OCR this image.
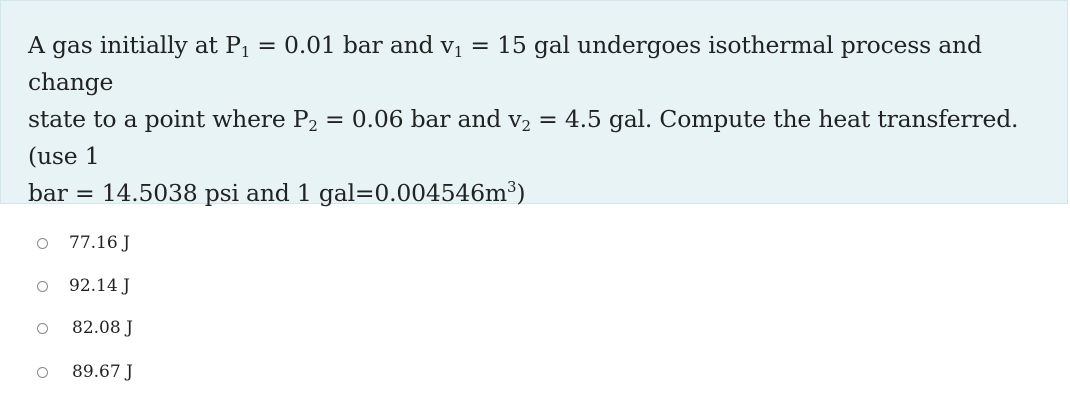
A gas initially at $P_1 = 0.01$ bar and $v_1 = 15$ gal undergoes isothermal process and change
state to a point where $P_2 = 0.06$ bar and $v_2 = 4.5$ gal. Compute the heat transferred. (use 1
bar = 14.5038 psi and 1 $gal=0.004546m^3$)

77.16 J
92.14 J
82.08 J
89.67 J
